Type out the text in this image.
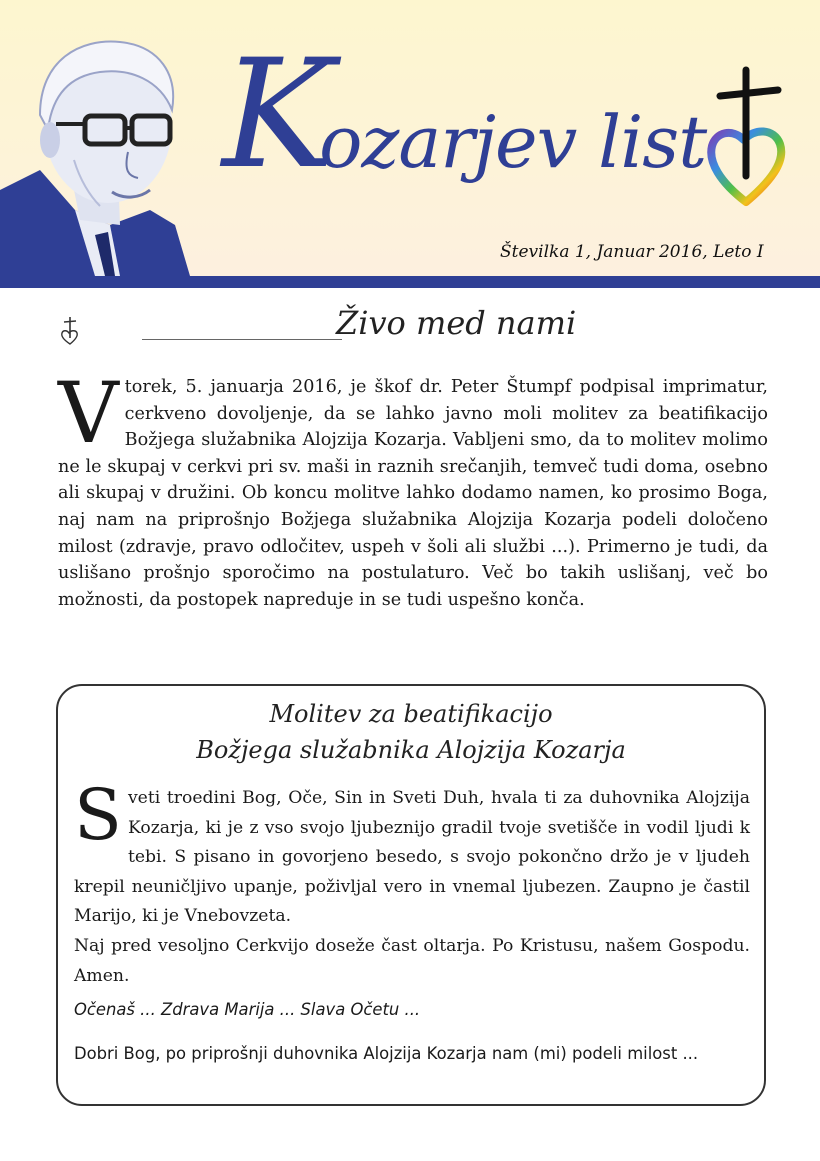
Kozarjev list
Številka 1, Januar 2016, Leto I
Živo med nami
Vtorek, 5. januarja 2016, je škof dr. Peter Štumpf podpisal imprimatur, cerkveno dovoljenje, da se lahko javno moli molitev za beatifikacijo Božjega služabnika Alojzija Kozarja. Vabljeni smo, da to molitev molimo ne le skupaj v cerkvi pri sv. maši in raznih srečanjih, temveč tudi doma, osebno ali skupaj v družini. Ob koncu molitve lahko dodamo namen, ko prosimo Boga, naj nam na priprošnjo Božjega služabnika Alojzija Kozarja podeli določeno milost (zdravje, pravo odločitev, uspeh v šoli ali službi ...). Primerno je tudi, da uslišano prošnjo sporočimo na postulaturo. Več bo takih uslišanj, več bo možnosti, da postopek napreduje in se tudi uspešno konča.
Molitev za beatifikacijo
Božjega služabnika Alojzija Kozarja
Sveti troedini Bog, Oče, Sin in Sveti Duh, hvala ti za duhovnika Alojzija Kozarja, ki je z vso svojo ljubeznijo gradil tvoje svetišče in vodil ljudi k tebi. S pisano in govorjeno besedo, s svojo pokončno držo je v ljudeh krepil neuničljivo upanje, poživljal vero in vnemal ljubezen. Zaupno je častil Marijo, ki je Vnebovzeta.
Naj pred vesoljno Cerkvijo doseže čast oltarja. Po Kristusu, našem Gospodu. Amen.
Očenaš ... Zdrava Marija ... Slava Očetu ...
Dobri Bog, po priprošnji duhovnika Alojzija Kozarja nam (mi) podeli milost ...
